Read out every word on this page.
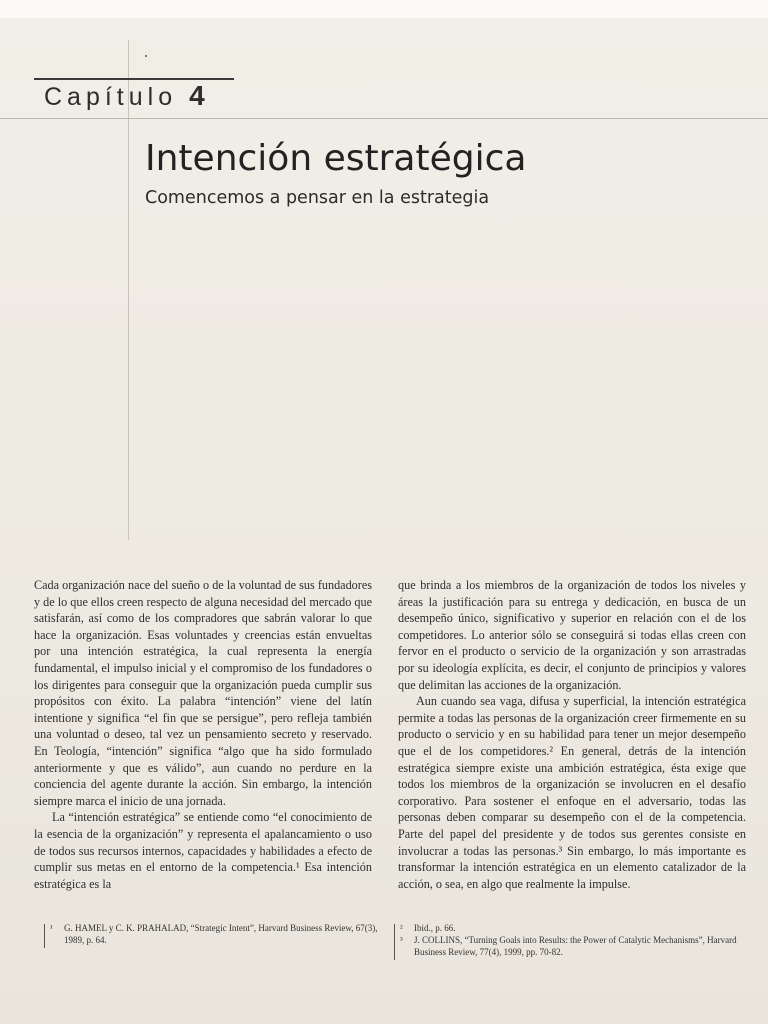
Capítulo 4
Intención estratégica
Comencemos a pensar en la estrategia

Cada organización nace del sueño o de la voluntad de sus fundadores y de lo que ellos creen respecto de alguna necesidad del mercado que satisfarán, así como de los compradores que sabrán valorar lo que hace la organización. Esas voluntades y creencias están envueltas por una intención estratégica, la cual representa la energía fundamental, el impulso inicial y el compromiso de los fundadores o los dirigentes para conseguir que la organización pueda cumplir sus propósitos con éxito. La palabra “intención” viene del latín intentione y significa “el fin que se persigue”, pero refleja también una voluntad o deseo, tal vez un pensamiento secreto y reservado. En Teología, “intención” significa “algo que ha sido formulado anteriormente y que es válido”, aun cuando no perdure en la conciencia del agente durante la acción. Sin embargo, la intención siempre marca el inicio de una jornada.

La “intención estratégica” se entiende como “el conocimiento de la esencia de la organización” y representa el apalancamiento o uso de todos sus recursos internos, capacidades y habilidades a efecto de cumplir sus metas en el entorno de la competencia.¹ Esa intención estratégica es la

que brinda a los miembros de la organización de todos los niveles y áreas la justificación para su entrega y dedicación, en busca de un desempeño único, significativo y superior en relación con el de los competidores. Lo anterior sólo se conseguirá si todas ellas creen con fervor en el producto o servicio de la organización y son arrastradas por su ideología explícita, es decir, el conjunto de principios y valores que delimitan las acciones de la organización.

Aun cuando sea vaga, difusa y superficial, la intención estratégica permite a todas las personas de la organización creer firmemente en su producto o servicio y en su habilidad para tener un mejor desempeño que el de los competidores.² En general, detrás de la intención estratégica siempre existe una ambición estratégica, ésta exige que todos los miembros de la organización se involucren en el desafío corporativo. Para sostener el enfoque en el adversario, todas las personas deben comparar su desempeño con el de la competencia. Parte del papel del presidente y de todos sus gerentes consiste en involucrar a todas las personas.³ Sin embargo, lo más importante es transformar la intención estratégica en un elemento catalizador de la acción, o sea, en algo que realmente la impulse.

¹	G. HAMEL y C. K. PRAHALAD, “Strategic Intent”, Harvard Business Review, 67(3), 1989, p. 64.
²	Ibid., p. 66.
³	J. COLLINS, “Turning Goals into Results: the Power of Catalytic Mechanisms”, Harvard Business Review, 77(4), 1999, pp. 70-82.
